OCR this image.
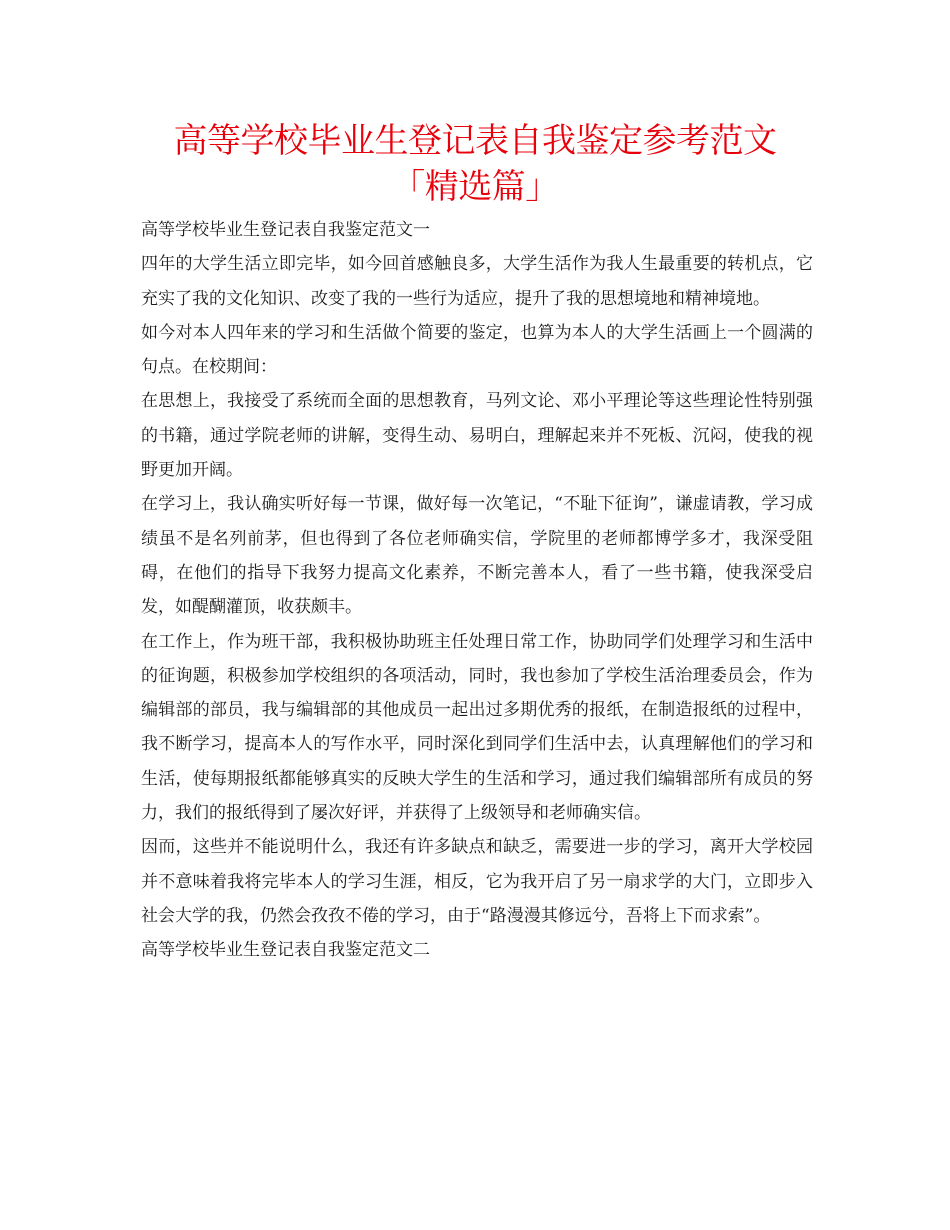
高等学校毕业生登记表自我鉴定参考范文「精选篇」

高等学校毕业生登记表自我鉴定范文一

四年的大学生活立即完毕，如今回首感触良多，大学生活作为我人生最重要的转机点，它充实了我的文化知识、改变了我的一些行为适应，提升了我的思想境地和精神境地。

如今对本人四年来的学习和生活做个简要的鉴定，也算为本人的大学生活画上一个圆满的句点。在校期间：

在思想上，我接受了系统而全面的思想教育，马列文论、邓小平理论等这些理论性特别强的书籍，通过学院老师的讲解，变得生动、易明白，理解起来并不死板、沉闷，使我的视野更加开阔。

在学习上，我认确实听好每一节课，做好每一次笔记，“不耻下征询”，谦虚请教，学习成绩虽不是名列前茅，但也得到了各位老师确实信，学院里的老师都博学多才，我深受阻碍，在他们的指导下我努力提高文化素养，不断完善本人，看了一些书籍，使我深受启发，如醍醐灌顶，收获颇丰。

在工作上，作为班干部，我积极协助班主任处理日常工作，协助同学们处理学习和生活中的征询题，积极参加学校组织的各项活动，同时，我也参加了学校生活治理委员会，作为编辑部的部员，我与编辑部的其他成员一起出过多期优秀的报纸，在制造报纸的过程中，我不断学习，提高本人的写作水平，同时深化到同学们生活中去，认真理解他们的学习和生活，使每期报纸都能够真实的反映大学生的生活和学习，通过我们编辑部所有成员的努力，我们的报纸得到了屡次好评，并获得了上级领导和老师确实信。

因而，这些并不能说明什么，我还有许多缺点和缺乏，需要进一步的学习，离开大学校园并不意味着我将完毕本人的学习生涯，相反，它为我开启了另一扇求学的大门，立即步入社会大学的我，仍然会孜孜不倦的学习，由于“路漫漫其修远兮，吾将上下而求索”。

高等学校毕业生登记表自我鉴定范文二
